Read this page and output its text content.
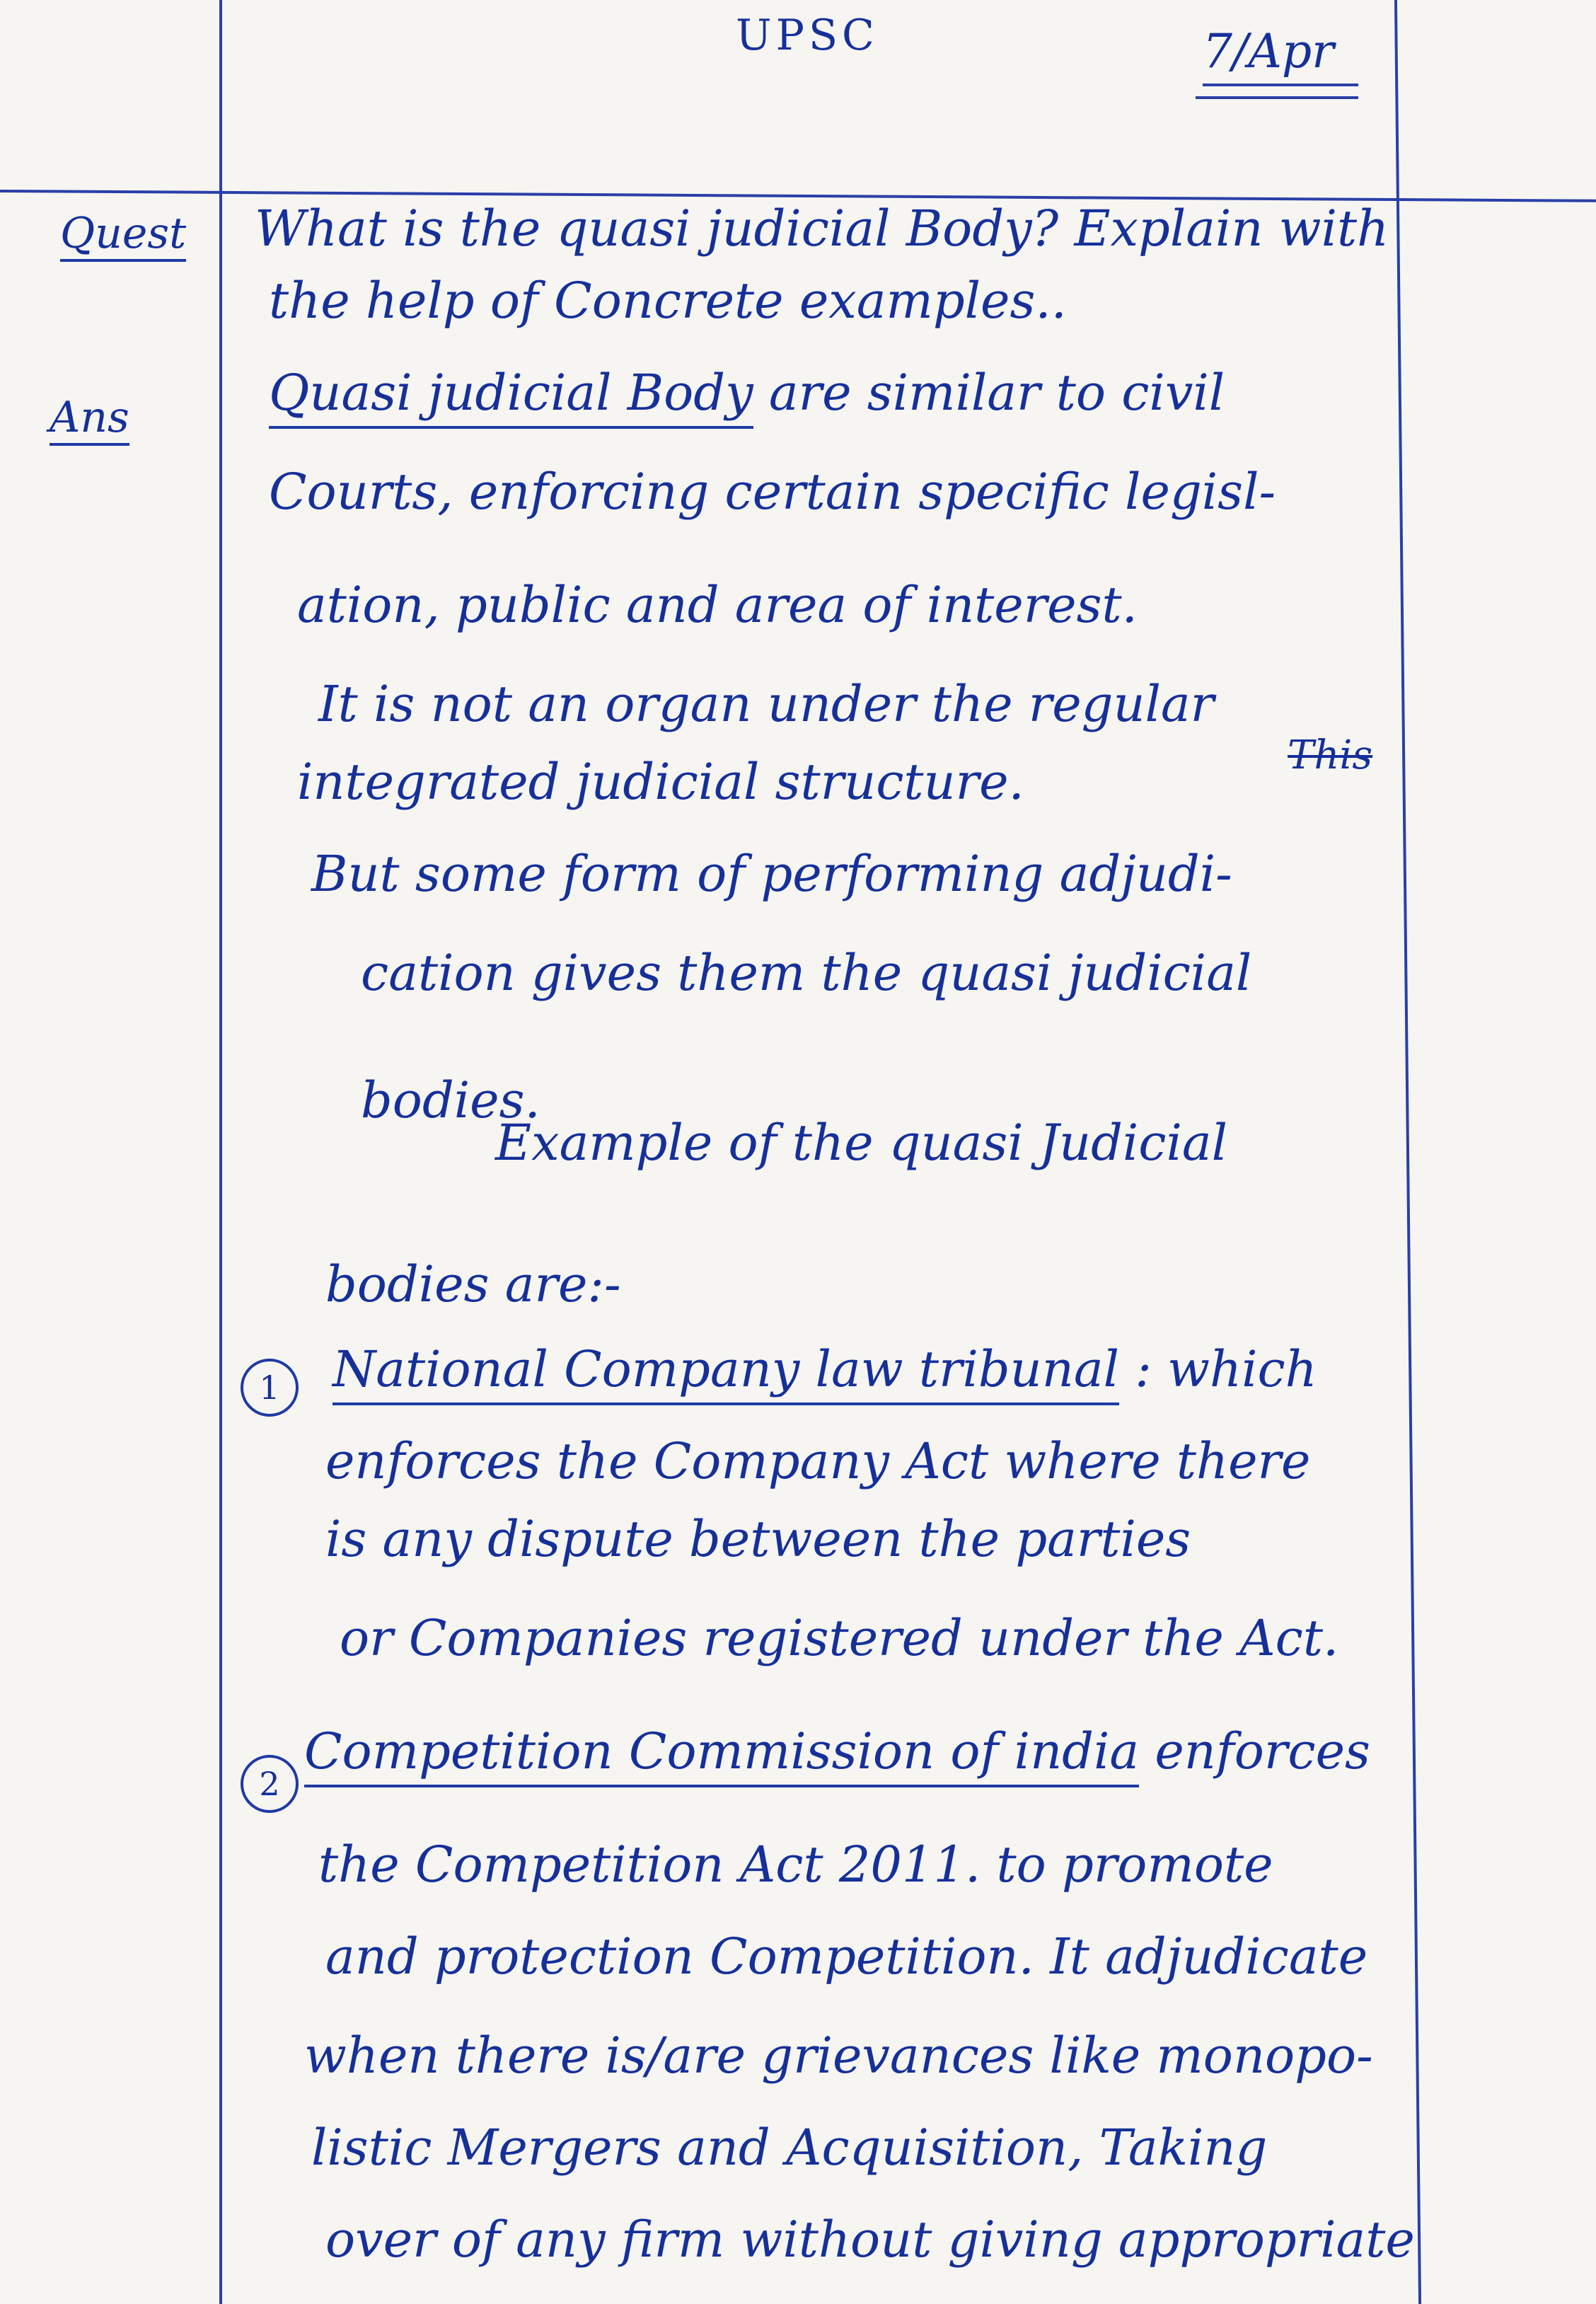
UPSC	7/Apr
Quest
Ans
What is the quasi judicial Body? Explain with
the help of Concrete examples..
Quasi judicial Body are similar to civil
Courts, enforcing certain specific legisl-
ation, public and area of interest.
It is not an organ under the regular
integrated judicial structure.	This
But some form of performing adjudi-
cation gives them the quasi judicial
bodies.
Example of the quasi Judicial
bodies are:-
1	National Company law tribunal : which
enforces the Company Act where there
is any dispute between the parties
or Companies registered under the Act.
2
Competition Commission of india enforces
the Competition Act 2011. to promote
and protection Competition. It adjudicate
when there is/are grievances like monopo-
listic Mergers and Acquisition, Taking
over of any firm without giving appropriate
